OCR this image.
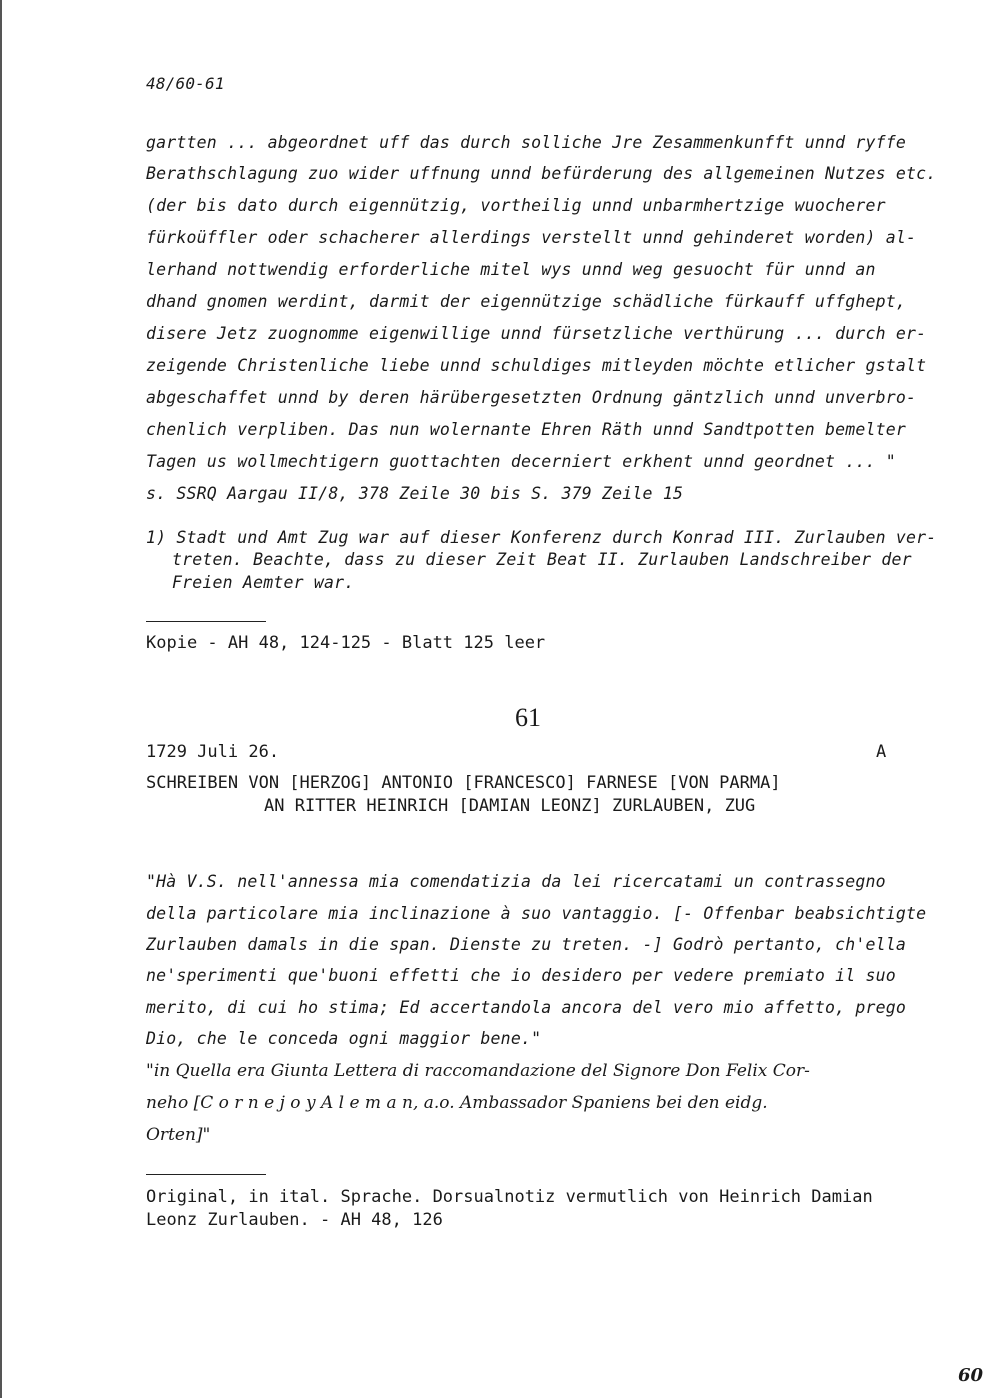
48/60-61
gartten ... abgeordnet uff das durch solliche Jre Zesammenkunfft unnd ryffe
Berathschlagung zuo wider uffnung unnd befürderung des allgemeinen Nutzes etc.
(der bis dato durch eigennützig, vortheilig unnd unbarmhertzige wuocherer
fürkoüffler oder schacherer allerdings verstellt unnd gehinderet worden) al-
lerhand nottwendig erforderliche mitel wys unnd weg gesuocht für unnd an
dhand gnomen werdint, darmit der eigennützige schädliche fürkauff uffghept,
disere Jetz zuognomme eigenwillige unnd fürsetzliche verthürung ... durch er-
zeigende Christenliche liebe unnd schuldiges mitleyden möchte etlicher gstalt
abgeschaffet unnd by deren härübergesetzten Ordnung gäntzlich unnd unverbro-
chenlich verpliben. Das nun wolernante Ehren Räth unnd Sandtpotten bemelter
Tagen us wollmechtigern guottachten decerniert erkhent unnd geordnet ... "
s. SSRQ Aargau II/8, 378 Zeile 30 bis S. 379 Zeile 15
1) Stadt und Amt Zug war auf dieser Konferenz durch Konrad III. Zurlauben ver-
treten. Beachte, dass zu dieser Zeit Beat II. Zurlauben Landschreiber der
Freien Aemter war.
Kopie - AH 48, 124-125 - Blatt 125 leer
61
1729 Juli 26.	A
SCHREIBEN VON [HERZOG] ANTONIO [FRANCESCO] FARNESE [VON PARMA]
AN RITTER HEINRICH [DAMIAN LEONZ] ZURLAUBEN, ZUG
"Hà V.S. nell'annessa mia comendatizia da lei ricercatami un contrassegno
della particolare mia inclinazione à suo vantaggio. [- Offenbar beabsichtigte
Zurlauben damals in die span. Dienste zu treten. -] Godrò pertanto, ch'ella
ne'sperimenti que'buoni effetti che io desidero per vedere premiato il suo
merito, di cui ho stima; Ed accertandola ancora del vero mio affetto, prego
Dio, che le conceda ogni maggior bene."
"in Quella era Giunta Lettera di raccomandazione del Signore Don Felix Cor-
neho [C o r n e j o y A l e m a n, a.o. Ambassador Spaniens bei den eidg.
Orten]"
Original, in ital. Sprache. Dorsualnotiz vermutlich von Heinrich Damian
Leonz Zurlauben. - AH 48, 126
60
